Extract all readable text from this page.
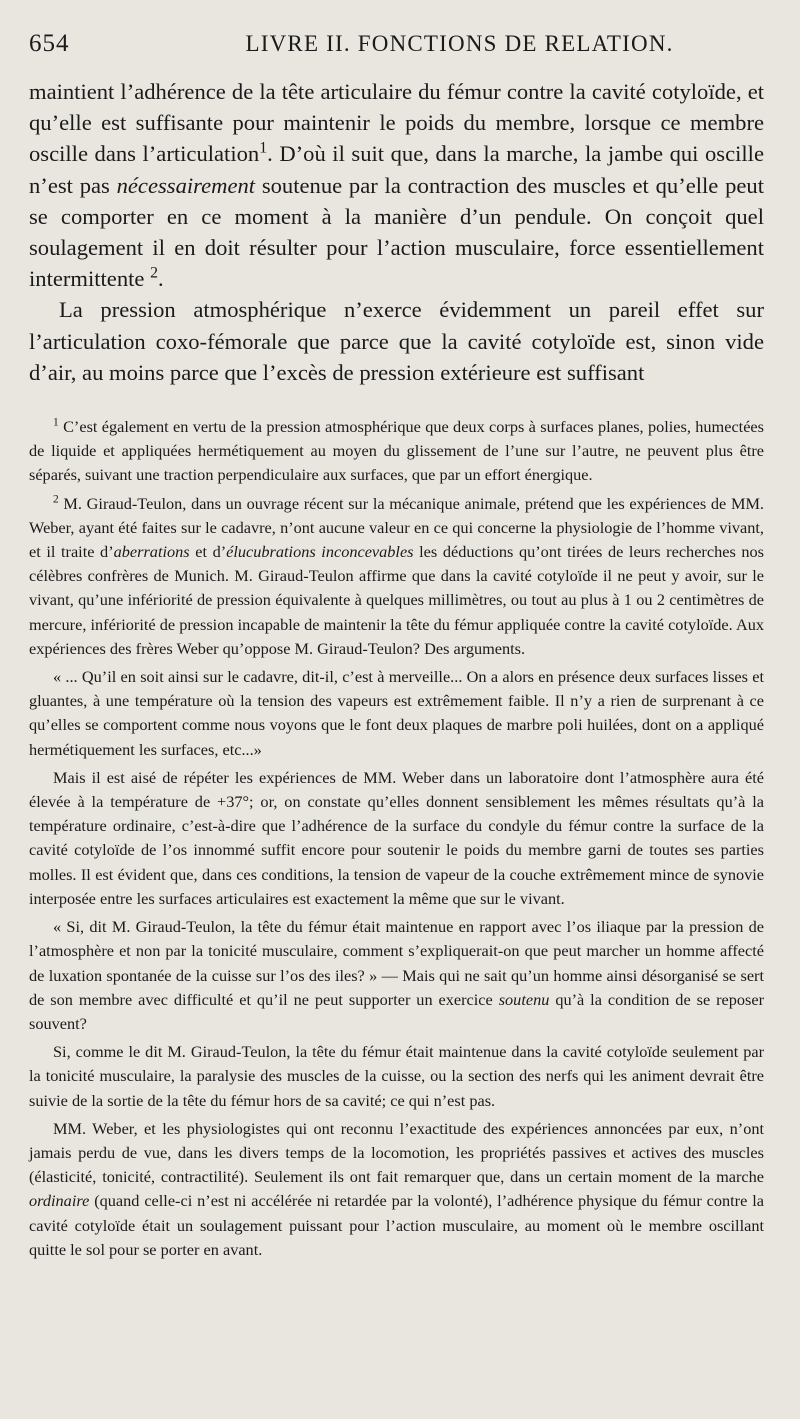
654	LIVRE II. FONCTIONS DE RELATION.

maintient l’adhérence de la tête articulaire du fémur contre la cavité cotyloïde, et qu’elle est suffisante pour maintenir le poids du membre, lorsque ce membre oscille dans l’articulation$^1$. D’où il suit que, dans la marche, la jambe qui oscille n’est pas nécessairement soutenue par la contraction des muscles et qu’elle peut se comporter en ce moment à la manière d’un pendule. On conçoit quel soulagement il en doit résulter pour l’action musculaire, force essentiellement intermittente $^2$.

La pression atmosphérique n’exerce évidemment un pareil effet sur l’articulation coxo-fémorale que parce que la cavité cotyloïde est, sinon vide d’air, au moins parce que l’excès de pression extérieure est suffisant

$^1$ C’est également en vertu de la pression atmosphérique que deux corps à surfaces planes, polies, humectées de liquide et appliquées hermétiquement au moyen du glissement de l’une sur l’autre, ne peuvent plus être séparés, suivant une traction perpendiculaire aux surfaces, que par un effort énergique.

$^2$ M. Giraud-Teulon, dans un ouvrage récent sur la mécanique animale, prétend que les expériences de MM. Weber, ayant été faites sur le cadavre, n’ont aucune valeur en ce qui concerne la physiologie de l’homme vivant, et il traite d’aberrations et d’élucubrations inconcevables les déductions qu’ont tirées de leurs recherches nos célèbres confrères de Munich. M. Giraud-Teulon affirme que dans la cavité cotyloïde il ne peut y avoir, sur le vivant, qu’une infériorité de pression équivalente à quelques millimètres, ou tout au plus à 1 ou 2 centimètres de mercure, infériorité de pression incapable de maintenir la tête du fémur appliquée contre la cavité cotyloïde. Aux expériences des frères Weber qu’oppose M. Giraud-Teulon? Des arguments.

« ... Qu’il en soit ainsi sur le cadavre, dit-il, c’est à merveille... On a alors en présence deux surfaces lisses et gluantes, à une température où la tension des vapeurs est extrêmement faible. Il n’y a rien de surprenant à ce qu’elles se comportent comme nous voyons que le font deux plaques de marbre poli huilées, dont on a appliqué hermétiquement les surfaces, etc...»

Mais il est aisé de répéter les expériences de MM. Weber dans un laboratoire dont l’atmosphère aura été élevée à la température de +37°; or, on constate qu’elles donnent sensiblement les mêmes résultats qu’à la température ordinaire, c’est-à-dire que l’adhérence de la surface du condyle du fémur contre la surface de la cavité cotyloïde de l’os innommé suffit encore pour soutenir le poids du membre garni de toutes ses parties molles. Il est évident que, dans ces conditions, la tension de vapeur de la couche extrêmement mince de synovie interposée entre les surfaces articulaires est exactement la même que sur le vivant.

« Si, dit M. Giraud-Teulon, la tête du fémur était maintenue en rapport avec l’os iliaque par la pression de l’atmosphère et non par la tonicité musculaire, comment s’expliquerait-on que peut marcher un homme affecté de luxation spontanée de la cuisse sur l’os des iles? » — Mais qui ne sait qu’un homme ainsi désorganisé se sert de son membre avec difficulté et qu’il ne peut supporter un exercice soutenu qu’à la condition de se reposer souvent?

Si, comme le dit M. Giraud-Teulon, la tête du fémur était maintenue dans la cavité cotyloïde seulement par la tonicité musculaire, la paralysie des muscles de la cuisse, ou la section des nerfs qui les animent devrait être suivie de la sortie de la tête du fémur hors de sa cavité; ce qui n’est pas.

MM. Weber, et les physiologistes qui ont reconnu l’exactitude des expériences annoncées par eux, n’ont jamais perdu de vue, dans les divers temps de la locomotion, les propriétés passives et actives des muscles (élasticité, tonicité, contractilité). Seulement ils ont fait remarquer que, dans un certain moment de la marche ordinaire (quand celle-ci n’est ni accélérée ni retardée par la volonté), l’adhérence physique du fémur contre la cavité cotyloïde était un soulagement puissant pour l’action musculaire, au moment où le membre oscillant quitte le sol pour se porter en avant.
